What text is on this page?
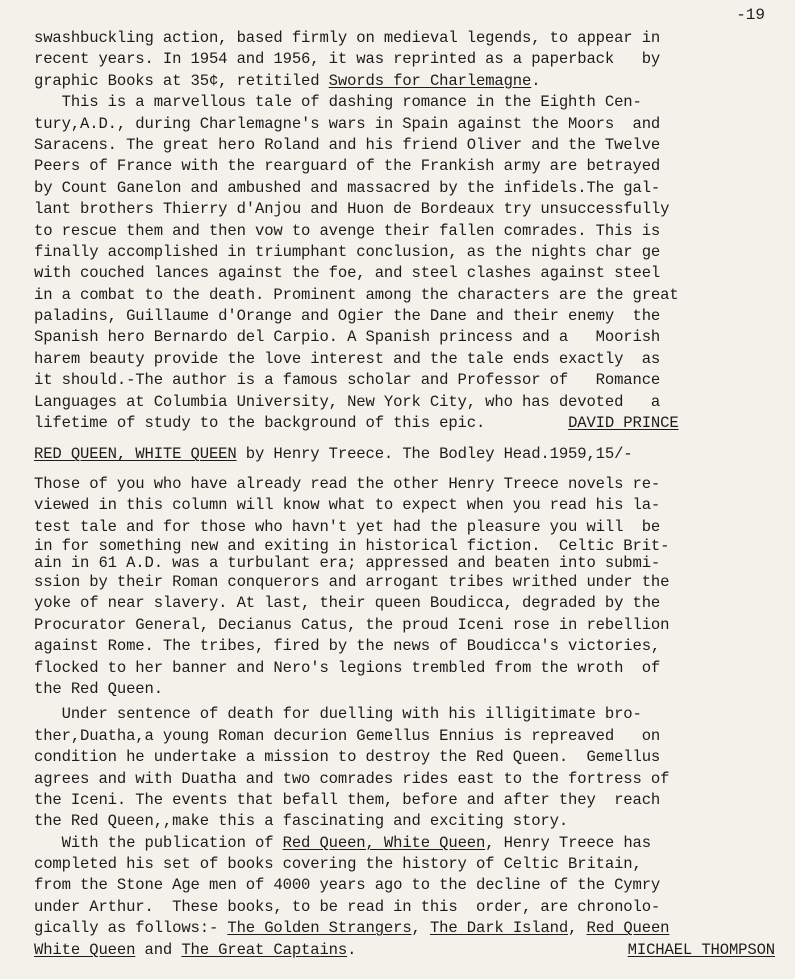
-19
swashbuckling action, based firmly on medieval legends, to appear in
recent years. In 1954 and 1956, it was reprinted as a paperback   by
graphic Books at 35¢, retitiled Swords for Charlemagne.
This is a marvellous tale of dashing romance in the Eighth Cen-
tury,A.D., during Charlemagne's wars in Spain against the Moors  and
Saracens. The great hero Roland and his friend Oliver and the Twelve
Peers of France with the rearguard of the Frankish army are betrayed
by Count Ganelon and ambushed and massacred by the infidels.The gal-
lant brothers Thierry d'Anjou and Huon de Bordeaux try unsuccessfully
to rescue them and then vow to avenge their fallen comrades. This is
finally accomplished in triumphant conclusion, as the nights char ge
with couched lances against the foe, and steel clashes against steel
in a combat to the death. Prominent among the characters are the great
paladins, Guillaume d'Orange and Ogier the Dane and their enemy  the
Spanish hero Bernardo del Carpio. A Spanish princess and a   Moorish
harem beauty provide the love interest and the tale ends exactly  as
it should.-The author is a famous scholar and Professor of   Romance
Languages at Columbia University, New York City, who has devoted   a
lifetime of study to the background of this epic.         DAVID PRINCE
RED QUEEN, WHITE QUEEN by Henry Treece. The Bodley Head.1959,15/-
Those of you who have already read the other Henry Treece novels re-
viewed in this column will know what to expect when you read his la-
test tale and for those who havn't yet had the pleasure you will  be
in for something new and exiting in historical fiction.  Celtic Brit-
ain in 61 A.D. was a turbulant era; appressed and beaten into submi-
ssion by their Roman conquerors and arrogant tribes writhed under the
yoke of near slavery. At last, their queen Boudicca, degraded by the
Procurator General, Decianus Catus, the proud Iceni rose in rebellion
against Rome. The tribes, fired by the news of Boudicca's victories,
flocked to her banner and Nero's legions trembled from the wroth  of
the Red Queen.
Under sentence of death for duelling with his illigitimate bro-
ther,Duatha,a young Roman decurion Gemellus Ennius is repreaved   on
condition he undertake a mission to destroy the Red Queen.  Gemellus
agrees and with Duatha and two comrades rides east to the fortress of
the Iceni. The events that befall them, before and after they  reach
the Red Queen,,make this a fascinating and exciting story.
With the publication of Red Queen, White Queen, Henry Treece has
completed his set of books covering the history of Celtic Britain,
from the Stone Age men of 4000 years ago to the decline of the Cymry
under Arthur.  These books, to be read in this  order, are chronolo-
gically as follows:- The Golden Strangers, The Dark Island, Red Queen
White Queen and The Great Captains.	MICHAEL THOMPSON
